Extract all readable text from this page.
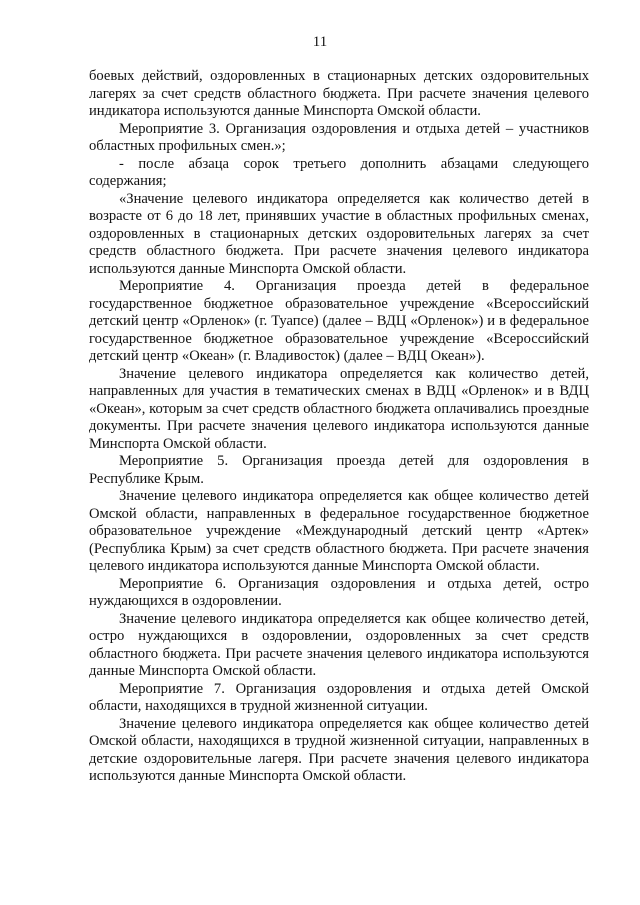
11

боевых действий, оздоровленных в стационарных детских оздоровительных лагерях за счет средств областного бюджета. При расчете значения целевого индикатора используются данные Минспорта Омской области.

Мероприятие 3. Организация оздоровления и отдыха детей – участников областных профильных смен.»;

- после абзаца сорок третьего дополнить абзацами следующего содержания;

«Значение целевого индикатора определяется как количество детей в возрасте от 6 до 18 лет, принявших участие в областных профильных сменах, оздоровленных в стационарных детских оздоровительных лагерях за счет средств областного бюджета. При расчете значения целевого индикатора используются данные Минспорта Омской области.

Мероприятие 4. Организация проезда детей в федеральное государственное бюджетное образовательное учреждение «Всероссийский детский центр «Орленок» (г. Туапсе) (далее – ВДЦ «Орленок») и в федеральное государственное бюджетное образовательное учреждение «Всероссийский детский центр «Океан» (г. Владивосток) (далее – ВДЦ Океан»).

Значение целевого индикатора определяется как количество детей, направленных для участия в тематических сменах в ВДЦ «Орленок» и в ВДЦ «Океан», которым за счет средств областного бюджета оплачивались проездные документы. При расчете значения целевого индикатора используются данные Минспорта Омской области.

Мероприятие 5. Организация проезда детей для оздоровления в Республике Крым.

Значение целевого индикатора определяется как общее количество детей Омской области, направленных в федеральное государственное бюджетное образовательное учреждение «Международный детский центр «Артек» (Республика Крым) за счет средств областного бюджета. При расчете значения целевого индикатора используются данные Минспорта Омской области.

Мероприятие 6. Организация оздоровления и отдыха детей, остро нуждающихся в оздоровлении.

Значение целевого индикатора определяется как общее количество детей, остро нуждающихся в оздоровлении, оздоровленных за счет средств областного бюджета. При расчете значения целевого индикатора используются данные Минспорта Омской области.

Мероприятие 7. Организация оздоровления и отдыха детей Омской области, находящихся в трудной жизненной ситуации.

Значение целевого индикатора определяется как общее количество детей Омской области, находящихся в трудной жизненной ситуации, направленных в детские оздоровительные лагеря. При расчете значения целевого индикатора используются данные Минспорта Омской области.
